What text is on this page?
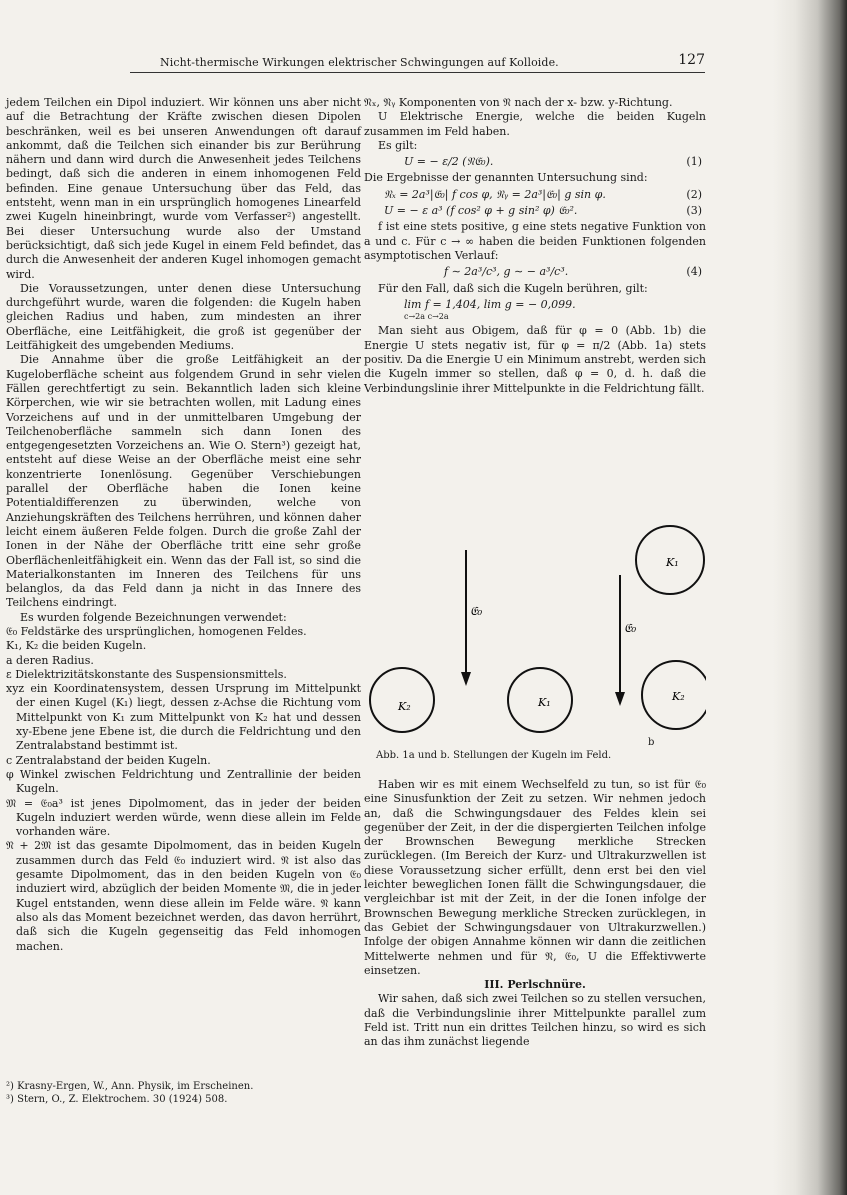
Nicht-thermische Wirkungen elektrischer Schwingungen auf Kolloide.	127

jedem Teilchen ein Dipol induziert. Wir können uns aber nicht auf die Betrachtung der Kräfte zwischen diesen Dipolen beschränken, weil es bei unseren Anwendungen oft darauf ankommt, daß die Teilchen sich einander bis zur Berührung nähern und dann wird durch die Anwesenheit jedes Teilchens bedingt, daß sich die anderen in einem inhomogenen Feld befinden. Eine genaue Untersuchung über das Feld, das entsteht, wenn man in ein ursprünglich homogenes Linearfeld zwei Kugeln hineinbringt, wurde vom Verfasser²) angestellt. Bei dieser Untersuchung wurde also der Umstand berücksichtigt, daß sich jede Kugel in einem Feld befindet, das durch die Anwesenheit der anderen Kugel inhomogen gemacht wird.

Die Voraussetzungen, unter denen diese Untersuchung durchgeführt wurde, waren die folgenden: die Kugeln haben gleichen Radius und haben, zum mindesten an ihrer Oberfläche, eine Leitfähigkeit, die groß ist gegenüber der Leitfähigkeit des umgebenden Mediums.

Die Annahme über die große Leitfähigkeit an der Kugeloberfläche scheint aus folgendem Grund in sehr vielen Fällen gerechtfertigt zu sein. Bekanntlich laden sich kleine Körperchen, wie wir sie betrachten wollen, mit Ladung eines Vorzeichens auf und in der unmittelbaren Umgebung der Teilchenoberfläche sammeln sich dann Ionen des entgegengesetzten Vorzeichens an. Wie O. Stern³) gezeigt hat, entsteht auf diese Weise an der Oberfläche meist eine sehr konzentrierte Ionenlösung. Gegenüber Verschiebungen parallel der Oberfläche haben die Ionen keine Potentialdifferenzen zu überwinden, welche von Anziehungskräften des Teilchens herrühren, und können daher leicht einem äußeren Felde folgen. Durch die große Zahl der Ionen in der Nähe der Oberfläche tritt eine sehr große Oberflächenleitfähigkeit ein. Wenn das der Fall ist, so sind die Materialkonstanten im Inneren des Teilchens für uns belanglos, da das Feld dann ja nicht in das Innere des Teilchens eindringt.

Es wurden folgende Bezeichnungen verwendet:

𝔈₀ Feldstärke des ursprünglichen, homogenen Feldes.

K₁, K₂ die beiden Kugeln.

a deren Radius.

ε Dielektrizitätskonstante des Suspensionsmittels.

xyz ein Koordinatensystem, dessen Ursprung im Mittelpunkt der einen Kugel (K₁) liegt, dessen z-Achse die Richtung vom Mittelpunkt von K₁ zum Mittelpunkt von K₂ hat und dessen xy-Ebene jene Ebene ist, die durch die Feldrichtung und den Zentralabstand bestimmt ist.

c Zentralabstand der beiden Kugeln.

φ Winkel zwischen Feldrichtung und Zentrallinie der beiden Kugeln.

𝔐 = 𝔈₀a³ ist jenes Dipolmoment, das in jeder der beiden Kugeln induziert werden würde, wenn diese allein im Felde vorhanden wäre.

𝔑 + 2𝔐 ist das gesamte Dipolmoment, das in beiden Kugeln zusammen durch das Feld 𝔈₀ induziert wird. 𝔑 ist also das gesamte Dipolmoment, das in den beiden Kugeln von 𝔈₀ induziert wird, abzüglich der beiden Momente 𝔐, die in jeder Kugel entstanden, wenn diese allein im Felde wäre. 𝔑 kann also als das Moment bezeichnet werden, das davon herrührt, daß sich die Kugeln gegenseitig das Feld inhomogen machen.

²) Krasny-Ergen, W., Ann. Physik, im Erscheinen.

³) Stern, O., Z. Elektrochem. 30 (1924) 508.

𝔑ₓ, 𝔑ᵧ Komponenten von 𝔑 nach der x- bzw. y-Richtung.

U Elektrische Energie, welche die beiden Kugeln zusammen im Feld haben.

Es gilt:

U = − ε/2 (𝔑𝔈₀).	(1)

Die Ergebnisse der genannten Untersuchung sind:

𝔑ₓ = 2a³|𝔈₀| f cos φ, 𝔑ᵧ = 2a³|𝔈₀| g sin φ.	(2)
U = − ε a³ (f cos² φ + g sin² φ) 𝔈₀².	(3)

f ist eine stets positive, g eine stets negative Funktion von a und c. Für c → ∞ haben die beiden Funktionen folgenden asymptotischen Verlauf:

f ∼ 2a³/c³, g ∼ − a³/c³.	(4)

Für den Fall, daß sich die Kugeln berühren, gilt:

lim f = 1,404, lim g = − 0,099.
c→2a c→2a

Man sieht aus Obigem, daß für φ = 0 (Abb. 1b) die Energie U stets negativ ist, für φ = π/2 (Abb. 1a) stets positiv. Da die Energie U ein Minimum anstrebt, werden sich die Kugeln immer so stellen, daß φ = 0, d. h. daß die Verbindungslinie ihrer Mittelpunkte in die Feldrichtung fällt.

𝔈₀
K₂	K₁
𝔈₀
K₁
K₂
b
Abb. 1a und b. Stellungen der Kugeln im Feld.

Haben wir es mit einem Wechselfeld zu tun, so ist für 𝔈₀ eine Sinusfunktion der Zeit zu setzen. Wir nehmen jedoch an, daß die Schwingungsdauer des Feldes klein sei gegenüber der Zeit, in der die dispergierten Teilchen infolge der Brownschen Bewegung merkliche Strecken zurücklegen. (Im Bereich der Kurz- und Ultrakurzwellen ist diese Voraussetzung sicher erfüllt, denn erst bei den viel leichter beweglichen Ionen fällt die Schwingungsdauer, die vergleichbar ist mit der Zeit, in der die Ionen infolge der Brownschen Bewegung merkliche Strecken zurücklegen, in das Gebiet der Schwingungsdauer von Ultrakurzwellen.) Infolge der obigen Annahme können wir dann die zeitlichen Mittelwerte nehmen und für 𝔑, 𝔈₀, U die Effektivwerte einsetzen.

III. Perlschnüre.

Wir sahen, daß sich zwei Teilchen so zu stellen versuchen, daß die Verbindungslinie ihrer Mittelpunkte parallel zum Feld ist. Tritt nun ein drittes Teilchen hinzu, so wird es sich an das ihm zunächst liegende
